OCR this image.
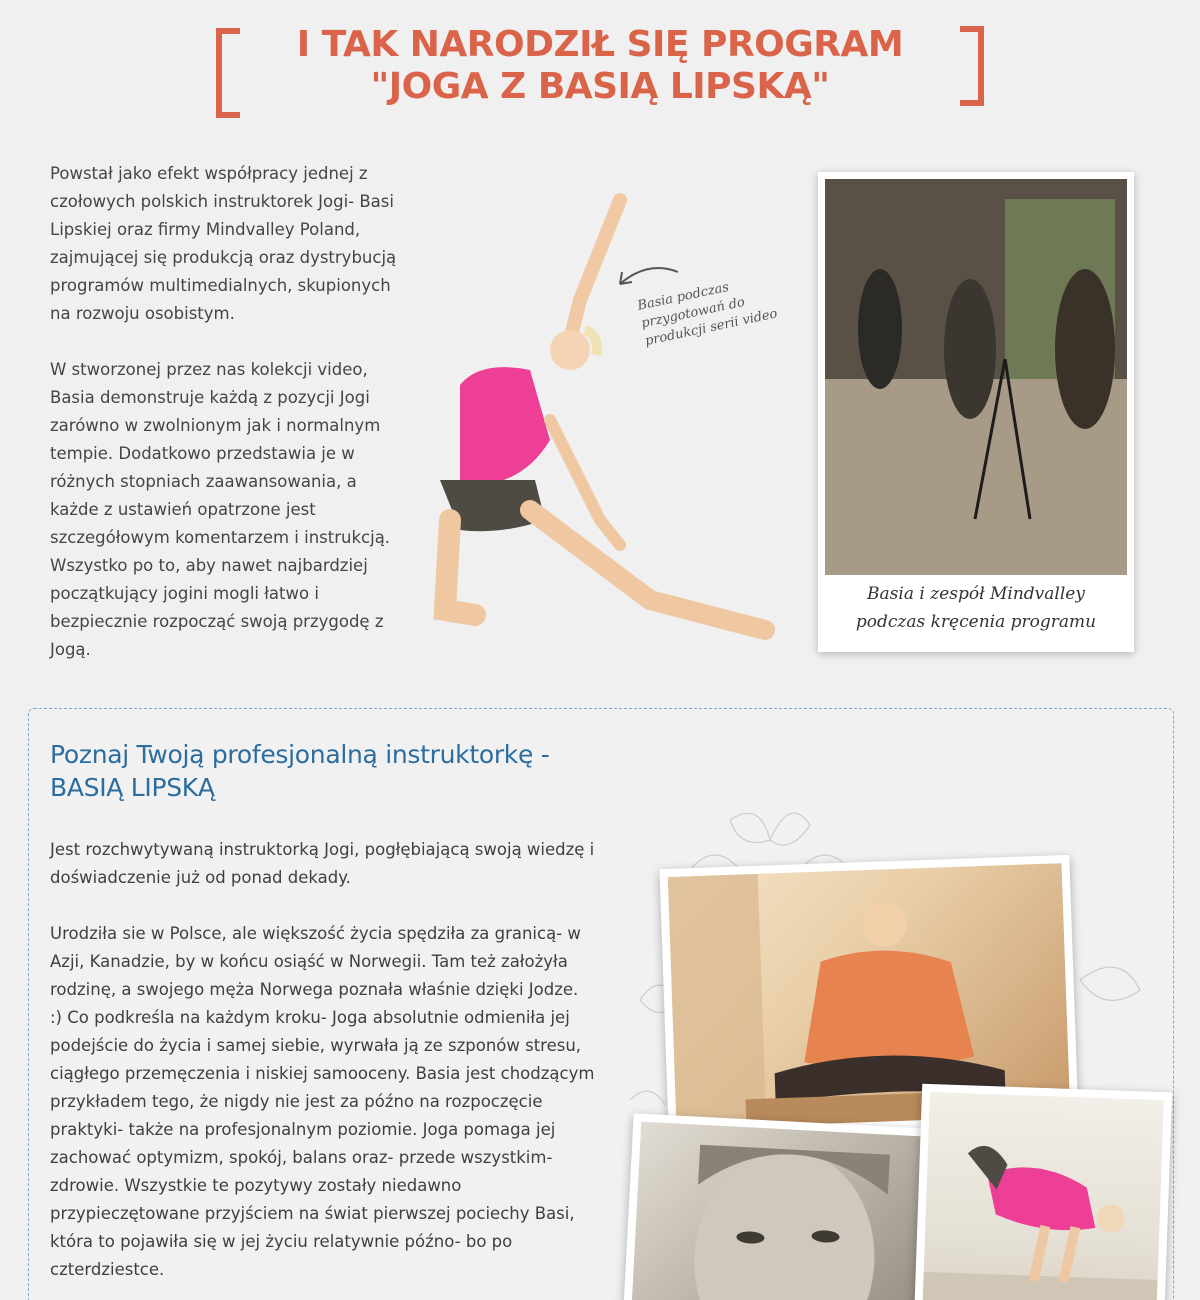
I TAK NARODZIŁ SIĘ PROGRAM
"JOGA Z BASIĄ LIPSKĄ"

Powstał jako efekt współpracy jednej z czołowych polskich instruktorek Jogi- Basi Lipskiej oraz firmy Mindvalley Poland, zajmującej się produkcją oraz dystrybucją programów multimedialnych, skupionych na rozwoju osobistym.

W stworzonej przez nas kolekcji video, Basia demonstruje każdą z pozycji Jogi zarówno w zwolnionym jak i normalnym tempie. Dodatkowo przedstawia je w różnych stopniach zaawansowania, a każde z ustawień opatrzone jest szczegółowym komentarzem i instrukcją. Wszystko po to, aby nawet najbardziej początkujący jogini mogli łatwo i bezpiecznie rozpocząć swoją przygodę z Jogą.

Basia podczas przygotowań do produkcji serii video
Basia i zespół Mindvalley
podczas kręcenia programu
Poznaj Twoją profesjonalną instruktorkę - BASIĄ LIPSKĄ

Jest rozchwytywaną instruktorką Jogi, pogłębiającą swoją wiedzę i doświadczenie już od ponad dekady.

Urodziła sie w Polsce, ale większość życia spędziła za granicą- w Azji, Kanadzie, by w końcu osiąść w Norwegii. Tam też założyła rodzinę, a swojego męża Norwega poznała właśnie dzięki Jodze. :) Co podkreśla na każdym kroku- Joga absolutnie odmieniła jej podejście do życia i samej siebie, wyrwała ją ze szponów stresu, ciągłego przemęczenia i niskiej samooceny. Basia jest chodzącym przykładem tego, że nigdy nie jest za późno na rozpoczęcie praktyki- także na profesjonalnym poziomie. Joga pomaga jej zachować optymizm, spokój, balans oraz- przede wszystkim- zdrowie. Wszystkie te pozytywy zostały niedawno przypieczętowane przyjściem na świat pierwszej pociechy Basi, która to pojawiła się w jej życiu relatywnie późno- bo po czterdziestce.
